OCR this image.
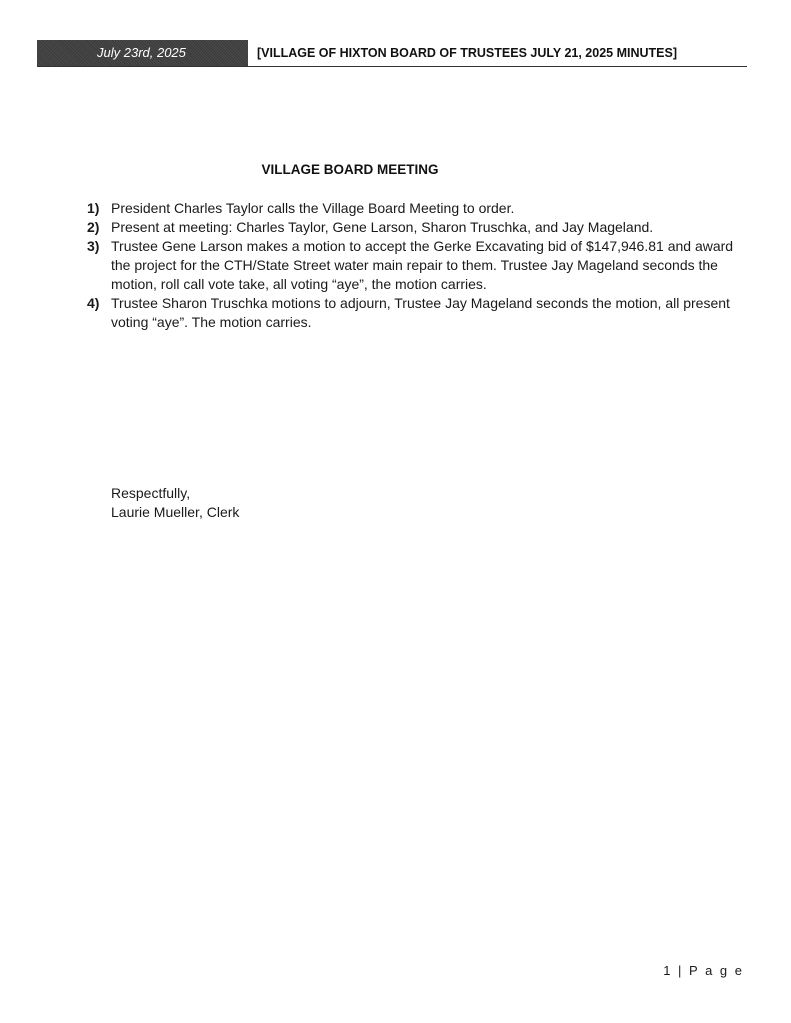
July 23rd, 2025	[VILLAGE OF HIXTON BOARD OF TRUSTEES JULY 21, 2025 MINUTES]
VILLAGE BOARD MEETING
1) President Charles Taylor calls the Village Board Meeting to order.
2) Present at meeting: Charles Taylor, Gene Larson, Sharon Truschka, and Jay Mageland.
3) Trustee Gene Larson makes a motion to accept the Gerke Excavating bid of $147,946.81 and award the project for the CTH/State Street water main repair to them. Trustee Jay Mageland seconds the motion, roll call vote take, all voting “aye”, the motion carries.
4) Trustee Sharon Truschka motions to adjourn, Trustee Jay Mageland seconds the motion, all present voting “aye”. The motion carries.
Respectfully,
Laurie Mueller, Clerk
1 | P a g e
